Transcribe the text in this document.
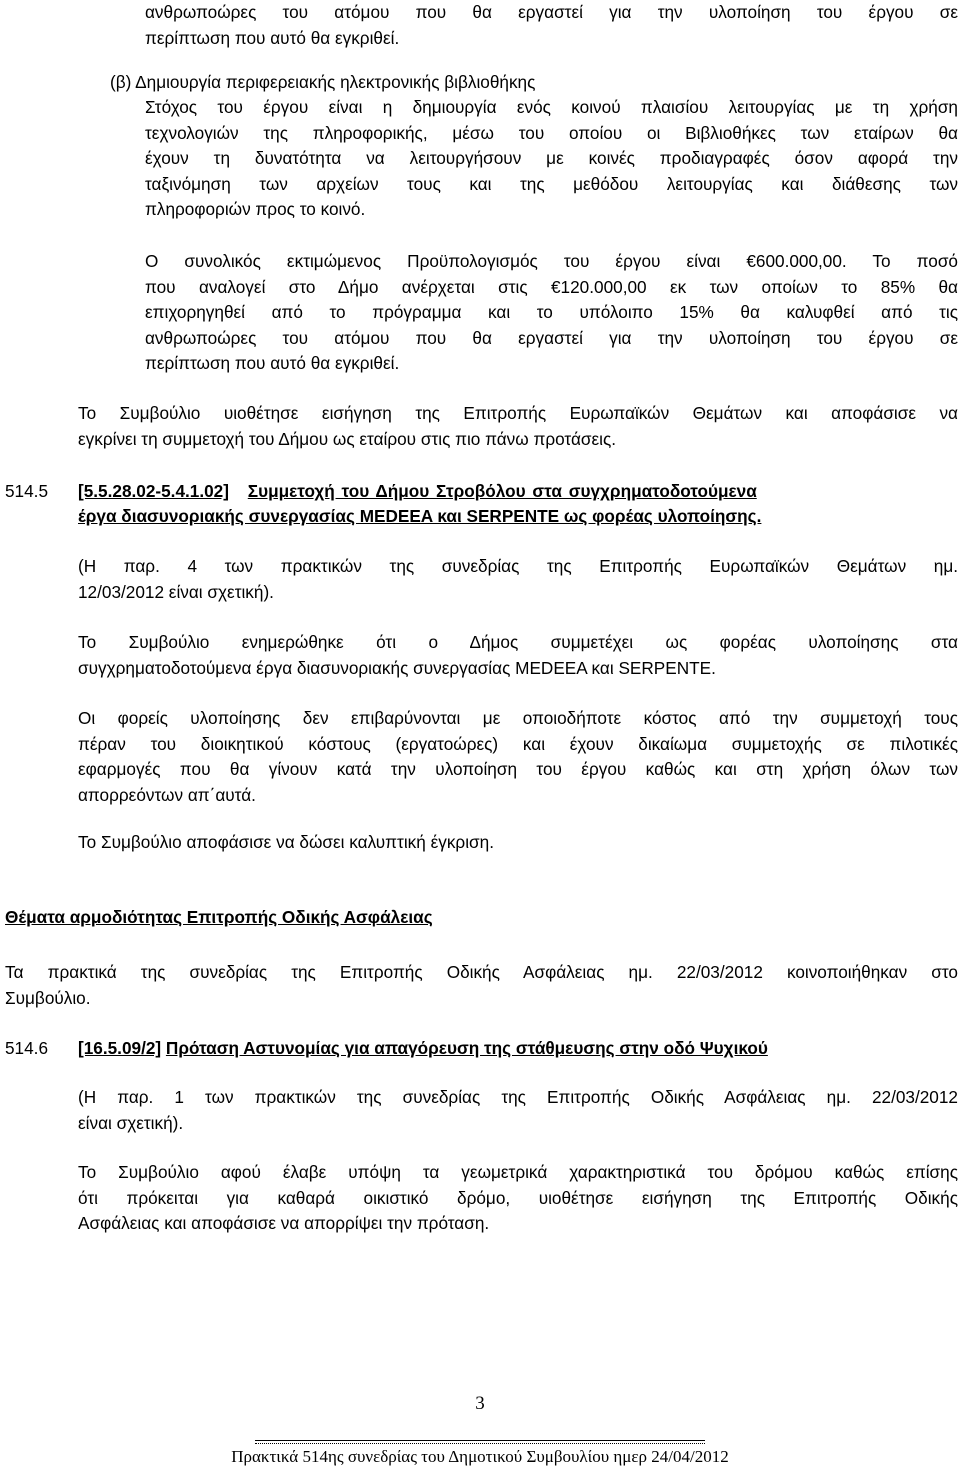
ανθρωποώρες του ατόμου που θα εργαστεί για την υλοποίηση του έργου σε
περίπτωση που αυτό θα εγκριθεί.
(β) Δημιουργία περιφερειακής ηλεκτρονικής βιβλιοθήκης
Στόχος του έργου είναι η δημιουργία ενός κοινού πλαισίου λειτουργίας με τη χρήση
τεχνολογιών της πληροφορικής, μέσω του οποίου οι Βιβλιοθήκες των εταίρων θα
έχουν τη δυνατότητα να λειτουργήσουν με κοινές προδιαγραφές όσον αφορά την
ταξινόμηση των αρχείων τους και της μεθόδου λειτουργίας και διάθεσης των
πληροφοριών προς το κοινό.
Ο συνολικός εκτιμώμενος Προϋπολογισμός του έργου είναι €600.000,00. Το ποσό
που αναλογεί στο Δήμο ανέρχεται στις €120.000,00 εκ των οποίων το 85% θα
επιχορηγηθεί από το πρόγραμμα και το υπόλοιπο 15% θα καλυφθεί από τις
ανθρωποώρες του ατόμου που θα εργαστεί για την υλοποίηση του έργου σε
περίπτωση που αυτό θα εγκριθεί.
Το Συμβούλιο υιοθέτησε εισήγηση της Επιτροπής Ευρωπαϊκών Θεμάτων και αποφάσισε να
εγκρίνει τη συμμετοχή του Δήμου ως εταίρου στις πιο πάνω προτάσεις.
514.5 [5.5.28.02-5.4.1.02] Συμμετοχή του Δήμου Στροβόλου στα συγχρηματοδοτούμενα
έργα διασυνοριακής συνεργασίας MEDEEA και SERPENTE ως φορέας υλοποίησης.
(Η παρ. 4 των πρακτικών της συνεδρίας της Επιτροπής Ευρωπαϊκών Θεμάτων ημ.
12/03/2012 είναι σχετική).
Το Συμβούλιο ενημερώθηκε ότι ο Δήμος συμμετέχει ως φορέας υλοποίησης στα
συγχρηματοδοτούμενα έργα διασυνοριακής συνεργασίας MEDEEA και SERPENTE.
Οι φορείς υλοποίησης δεν επιβαρύνονται με οποιοδήποτε κόστος από την συμμετοχή τους
πέραν του διοικητικού κόστους (εργατοώρες) και έχουν δικαίωμα συμμετοχής σε πιλοτικές
εφαρμογές που θα γίνουν κατά την υλοποίηση του έργου καθώς και στη χρήση όλων των
απορρεόντων απ΄αυτά.
Το Συμβούλιο αποφάσισε να δώσει καλυπτική έγκριση.
Θέματα αρμοδιότητας Επιτροπής Οδικής Ασφάλειας
Τα πρακτικά της συνεδρίας της Επιτροπής Οδικής Ασφάλειας ημ. 22/03/2012 κοινοποιήθηκαν στο
Συμβούλιο.
514.6 [16.5.09/2] Πρόταση Αστυνομίας για απαγόρευση της στάθμευσης στην οδό Ψυχικού
(Η παρ. 1 των πρακτικών της συνεδρίας της Επιτροπής Οδικής Ασφάλειας ημ. 22/03/2012
είναι σχετική).
Το Συμβούλιο αφού έλαβε υπόψη τα γεωμετρικά χαρακτηριστικά του δρόμου καθώς επίσης
ότι πρόκειται για καθαρά οικιστικό δρόμο, υιοθέτησε εισήγηση της Επιτροπής Οδικής
Ασφάλειας και αποφάσισε να απορρίψει την πρόταση.
3
Πρακτικά 514ης συνεδρίας του Δημοτικού Συμβουλίου ημερ 24/04/2012
